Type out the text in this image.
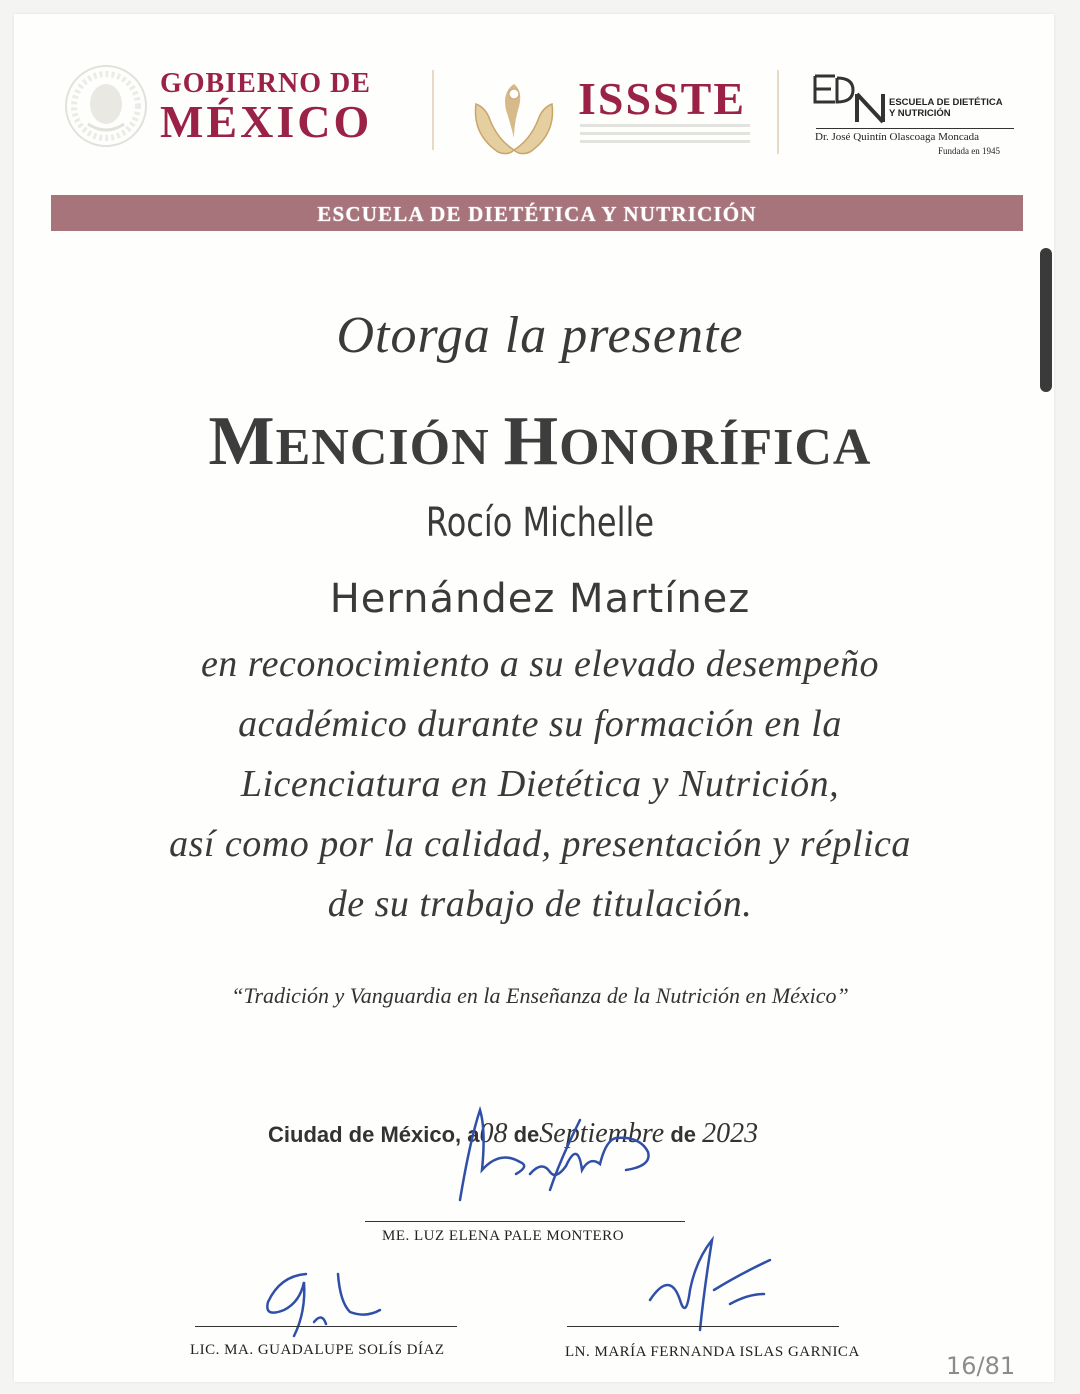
GOBIERNO DE
MÉXICO	ISSSTE	ESCUELA DE DIETÉTICA
Y NUTRICIÓN
Dr. José Quintín Olascoaga Moncada
Fundada en 1945
ESCUELA DE DIETÉTICA Y NUTRICIÓN
Otorga la presente
MENCIÓN HONORÍFICA
Rocío Michelle
Hernández Martínez
en reconocimiento a su elevado desempeño
académico durante su formación en la
Licenciatura en Dietética y Nutrición,
así como por la calidad, presentación y réplica
de su trabajo de titulación.
“Tradición y Vanguardia en la Enseñanza de la Nutrición en México”
Ciudad de México, a08 deSeptiembre de 2023
ME. LUZ ELENA PALE MONTERO
LIC. MA. GUADALUPE SOLÍS DÍAZ	LN. MARÍA FERNANDA ISLAS GARNICA	16/81
